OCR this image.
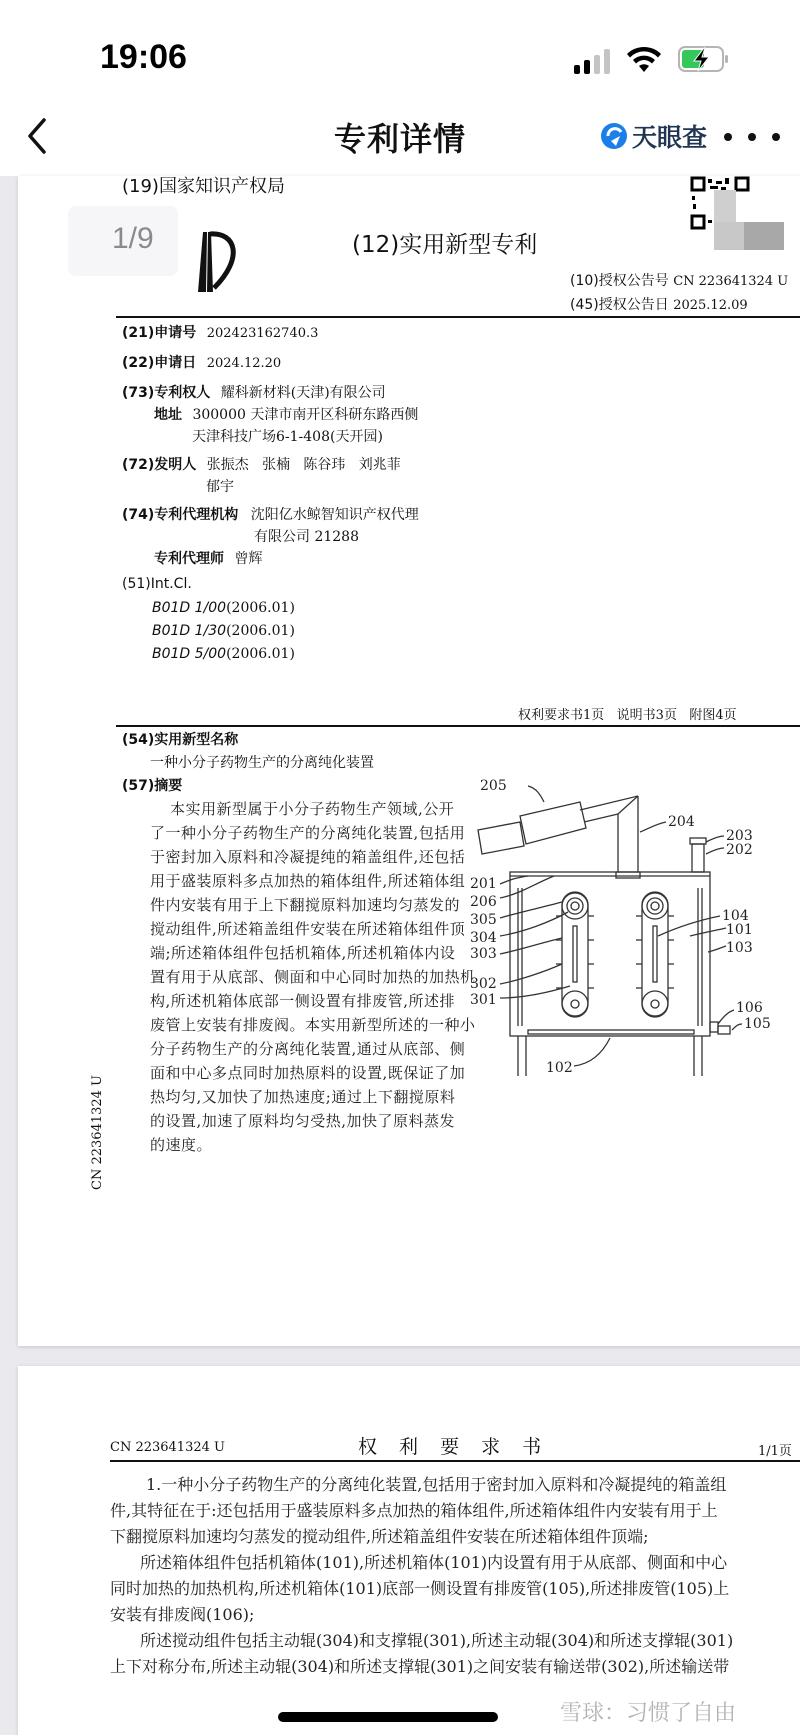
19:06
专利详情	天眼查
(19)国家知识产权局
1/9	(12)实用新型专利
(10)授权公告号 CN 223641324 U
(45)授权公告日 2025.12.09
(21)申请号 202423162740.3
(22)申请日 2024.12.20
(73)专利权人 耀科新材料(天津)有限公司
地址 300000 天津市南开区科研东路西侧
天津科技广场6-1-408(天开园)
(72)发明人 张振杰   张楠   陈谷玮   刘兆菲
郁宇
(74)专利代理机构 沈阳亿水鲸智知识产权代理
有限公司 21288
专利代理师 曾辉
(51)Int.Cl.
B01D 1/00(2006.01)
B01D 1/30(2006.01)
B01D 5/00(2006.01)
权利要求书1页   说明书3页   附图4页
(54)实用新型名称
一种小分子药物生产的分离纯化装置
(57)摘要
本实用新型属于小分子药物生产领域,公开
了一种小分子药物生产的分离纯化装置,包括用
于密封加入原料和冷凝提纯的箱盖组件,还包括
用于盛装原料多点加热的箱体组件,所述箱体组
件内安装有用于上下翻搅原料加速均匀蒸发的
搅动组件,所述箱盖组件安装在所述箱体组件顶
端;所述箱体组件包括机箱体,所述机箱体内设
置有用于从底部、侧面和中心同时加热的加热机
构,所述机箱体底部一侧设置有排废管,所述排
废管上安装有排废阀。本实用新型所述的一种小
分子药物生产的分离纯化装置,通过从底部、侧
面和中心多点同时加热原料的设置,既保证了加
热均匀,又加快了加热速度;通过上下翻搅原料
的设置,加速了原料均匀受热,加快了原料蒸发
的速度。
CN 223641324 U
205
204
203
202
201
206
305
304
303
302
301
104
101
103
106
105
102
CN 223641324 U	权 利 要 求 书	1/1页
1.一种小分子药物生产的分离纯化装置,包括用于密封加入原料和冷凝提纯的箱盖组
件,其特征在于:还包括用于盛装原料多点加热的箱体组件,所述箱体组件内安装有用于上
下翻搅原料加速均匀蒸发的搅动组件,所述箱盖组件安装在所述箱体组件顶端;
所述箱体组件包括机箱体(101),所述机箱体(101)内设置有用于从底部、侧面和中心
同时加热的加热机构,所述机箱体(101)底部一侧设置有排废管(105),所述排废管(105)上
安装有排废阀(106);
所述搅动组件包括主动辊(304)和支撑辊(301),所述主动辊(304)和所述支撑辊(301)
上下对称分布,所述主动辊(304)和所述支撑辊(301)之间安装有输送带(302),所述输送带
雪球：习惯了自由
